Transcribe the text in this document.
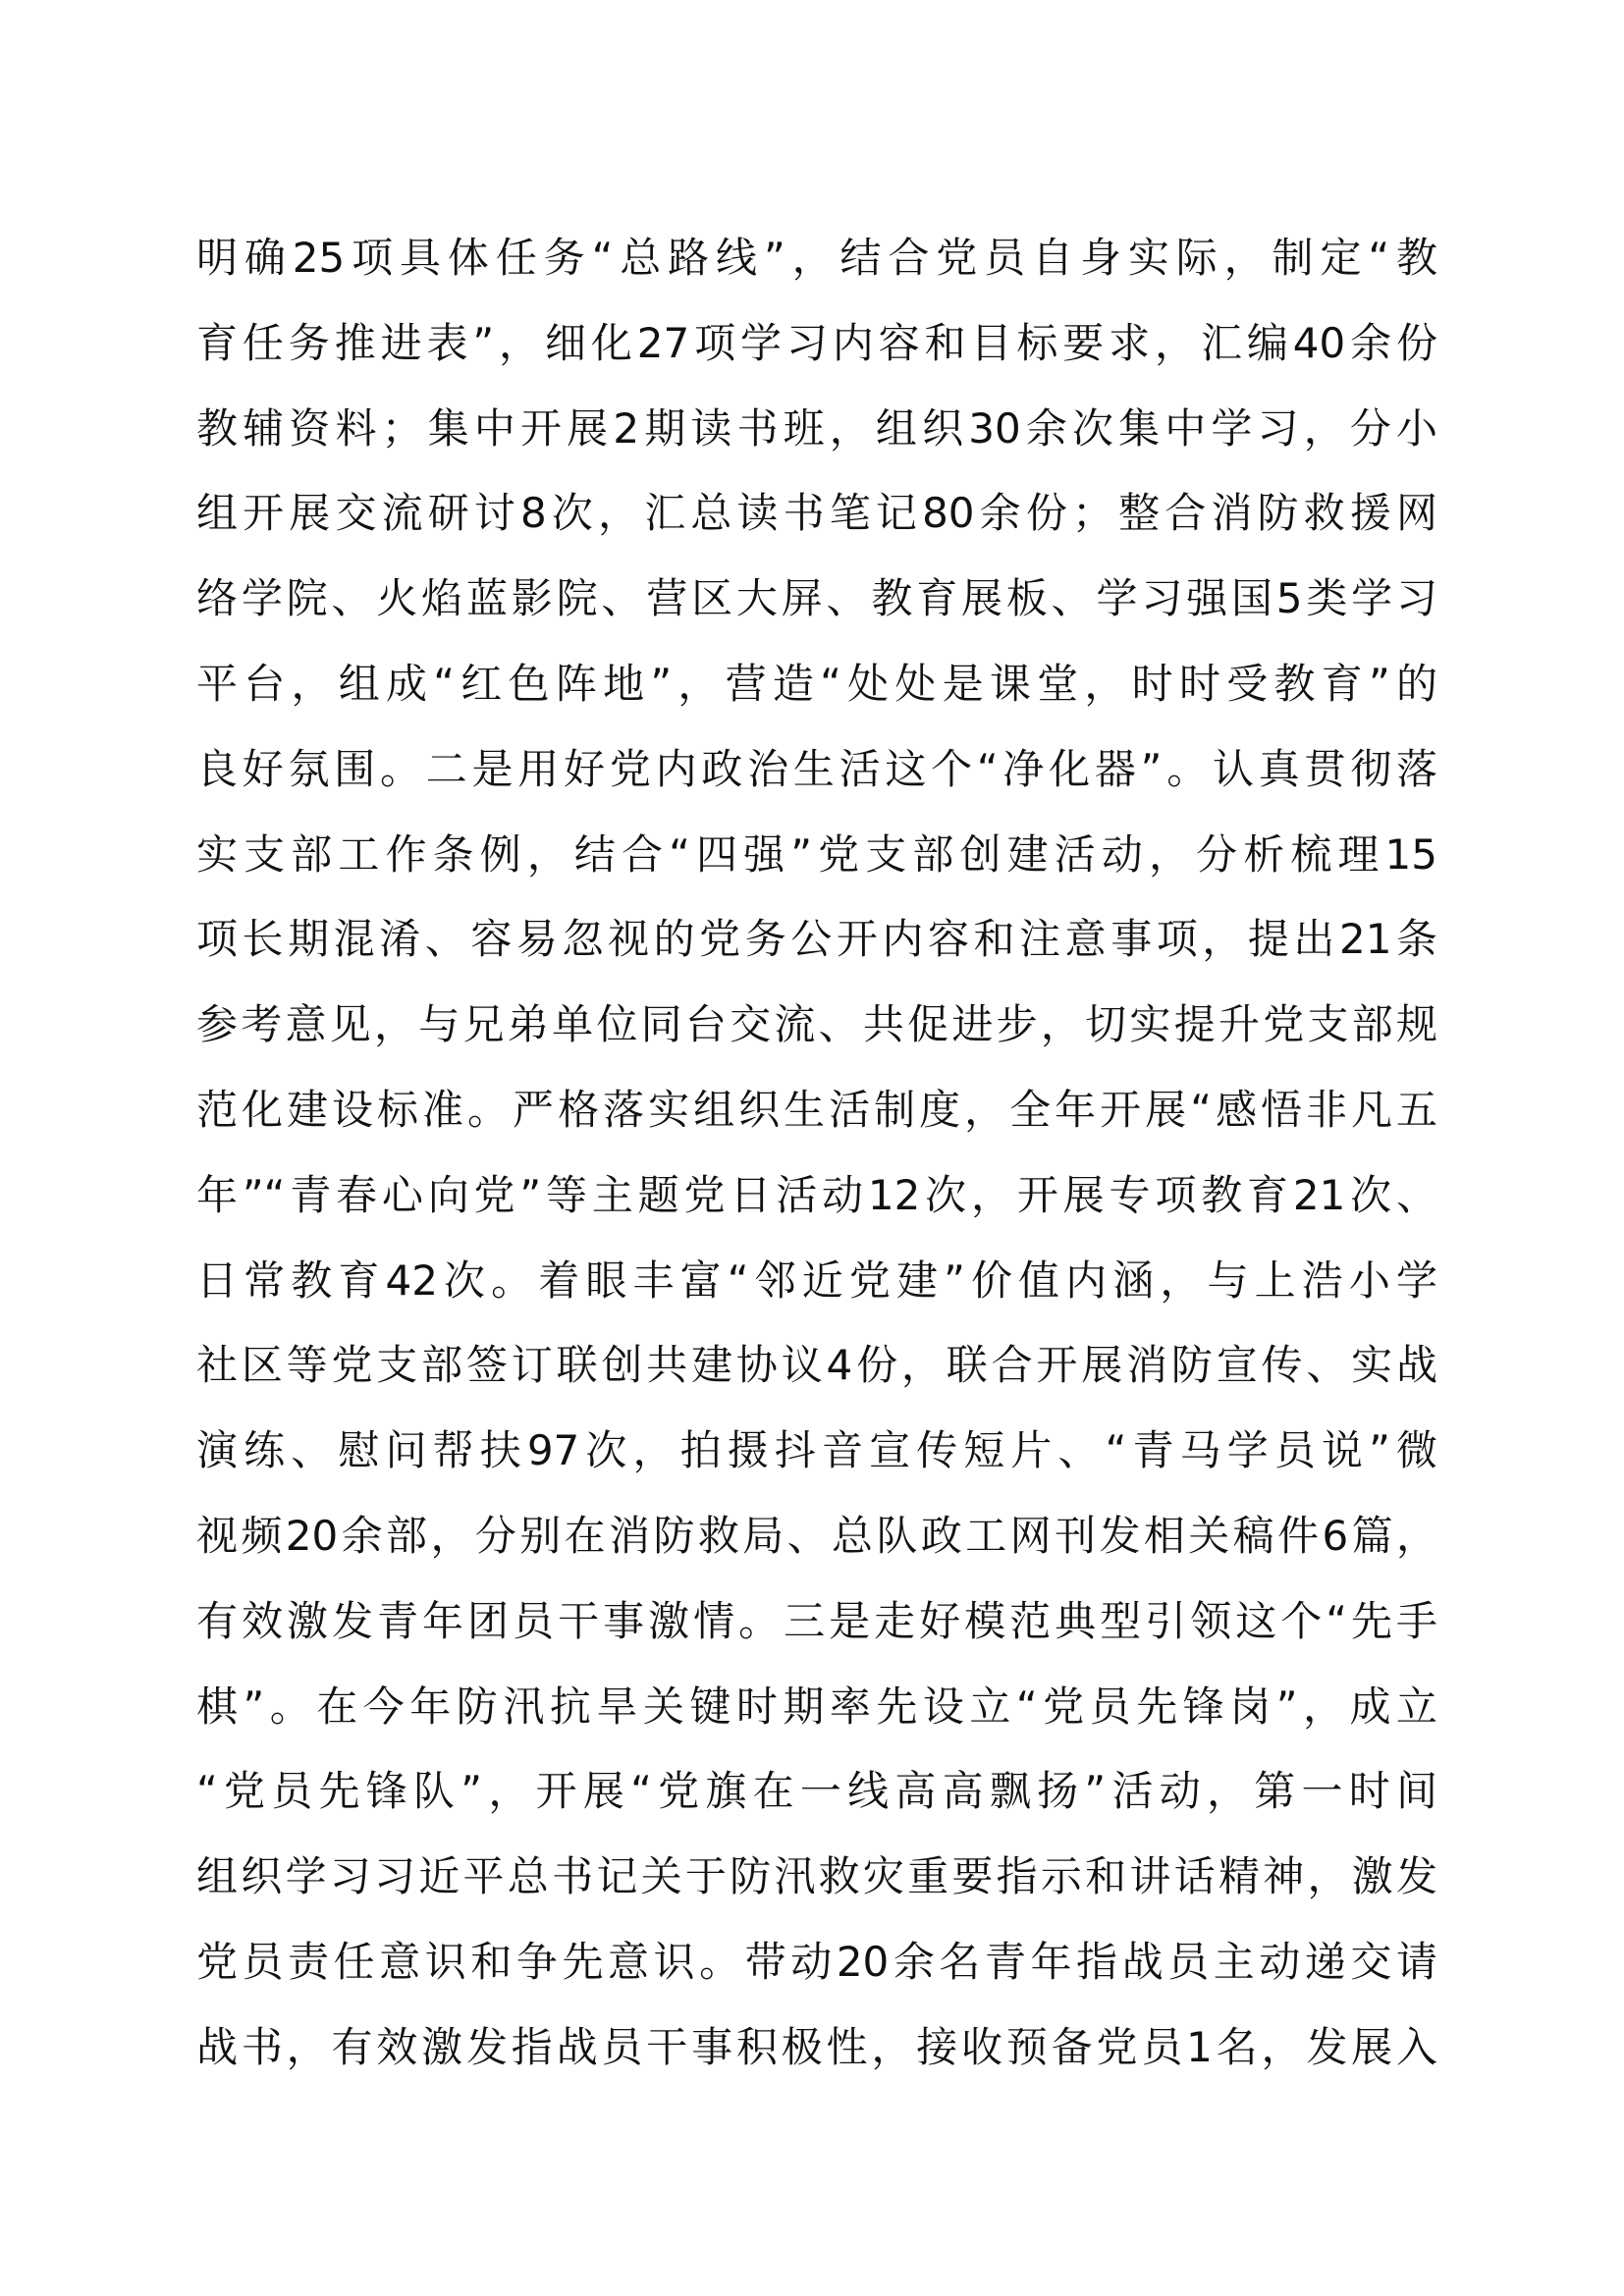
明确25项具体任务“总路线”，结合党员自身实际，制定“教
育任务推进表”，细化27项学习内容和目标要求，汇编40余份
教辅资料；集中开展2期读书班，组织30余次集中学习，分小
组开展交流研讨8次，汇总读书笔记80余份；整合消防救援网
络学院、火焰蓝影院、营区大屏、教育展板、学习强国5类学习
平台，组成“红色阵地”，营造“处处是课堂，时时受教育”的
良好氛围。二是用好党内政治生活这个“净化器”。认真贯彻落
实支部工作条例，结合“四强”党支部创建活动，分析梳理15
项长期混淆、容易忽视的党务公开内容和注意事项，提出21条
参考意见，与兄弟单位同台交流、共促进步，切实提升党支部规
范化建设标准。严格落实组织生活制度，全年开展“感悟非凡五
年”“青春心向党”等主题党日活动12次，开展专项教育21次、
日常教育42次。着眼丰富“邻近党建”价值内涵，与上浩小学
社区等党支部签订联创共建协议4份，联合开展消防宣传、实战
演练、慰问帮扶97次，拍摄抖音宣传短片、“青马学员说”微
视频20余部，分别在消防救局、总队政工网刊发相关稿件6篇，
有效激发青年团员干事激情。三是走好模范典型引领这个“先手
棋”。在今年防汛抗旱关键时期率先设立“党员先锋岗”，成立
“党员先锋队”，开展“党旗在一线高高飘扬”活动，第一时间
组织学习习近平总书记关于防汛救灾重要指示和讲话精神，激发
党员责任意识和争先意识。带动20余名青年指战员主动递交请
战书，有效激发指战员干事积极性，接收预备党员1名，发展入
